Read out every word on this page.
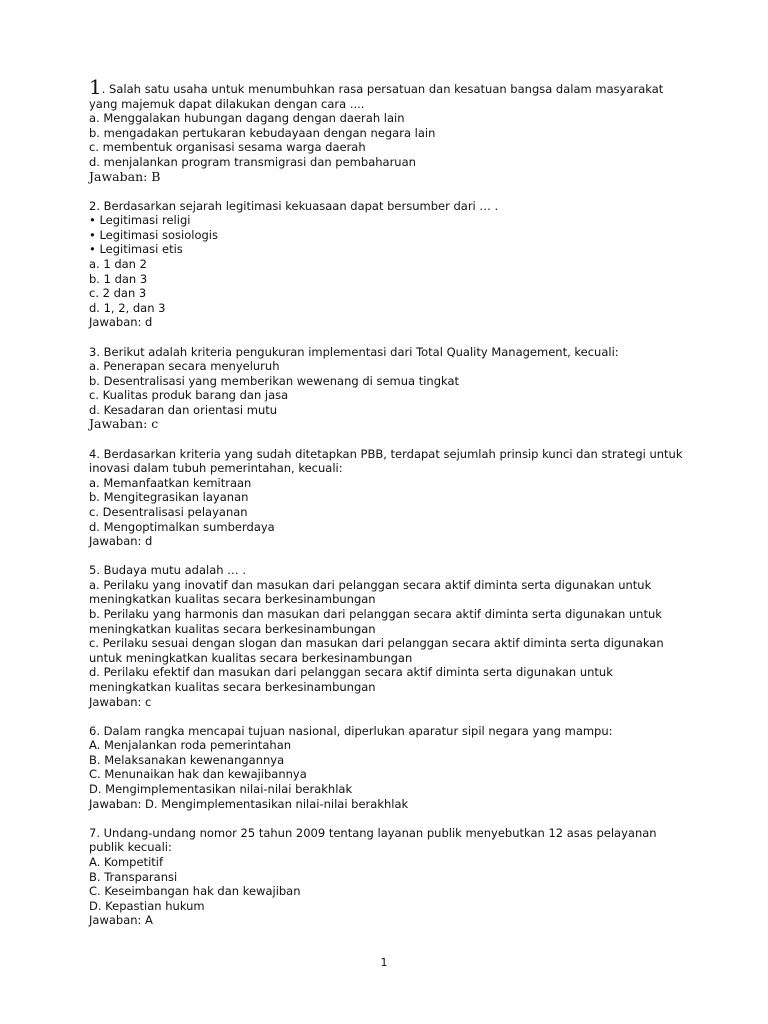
1. Salah satu usaha untuk menumbuhkan rasa persatuan dan kesatuan bangsa dalam masyarakat yang majemuk dapat dilakukan dengan cara ....
a. Menggalakan hubungan dagang dengan daerah lain
b. mengadakan pertukaran kebudayaan dengan negara lain
c. membentuk organisasi sesama warga daerah
d. menjalankan program transmigrasi dan pembaharuan
Jawaban: B
2. Berdasarkan sejarah legitimasi kekuasaan dapat bersumber dari … .
• Legitimasi religi
• Legitimasi sosiologis
• Legitimasi etis
a. 1 dan 2
b. 1 dan 3
c. 2 dan 3
d. 1, 2, dan 3
Jawaban: d
3. Berikut adalah kriteria pengukuran implementasi dari Total Quality Management, kecuali:
a. Penerapan secara menyeluruh
b. Desentralisasi yang memberikan wewenang di semua tingkat
c. Kualitas produk barang dan jasa
d. Kesadaran dan orientasi mutu
Jawaban: c
4. Berdasarkan kriteria yang sudah ditetapkan PBB, terdapat sejumlah prinsip kunci dan strategi untuk inovasi dalam tubuh pemerintahan, kecuali:
a. Memanfaatkan kemitraan
b. Mengitegrasikan layanan
c. Desentralisasi pelayanan
d. Mengoptimalkan sumberdaya
Jawaban: d
5. Budaya mutu adalah … .
a. Perilaku yang inovatif dan masukan dari pelanggan secara aktif diminta serta digunakan untuk meningkatkan kualitas secara berkesinambungan
b. Perilaku yang harmonis dan masukan dari pelanggan secara aktif diminta serta digunakan untuk meningkatkan kualitas secara berkesinambungan
c. Perilaku sesuai dengan slogan dan masukan dari pelanggan secara aktif diminta serta digunakan untuk meningkatkan kualitas secara berkesinambungan
d. Perilaku efektif dan masukan dari pelanggan secara aktif diminta serta digunakan untuk meningkatkan kualitas secara berkesinambungan
Jawaban: c
6. Dalam rangka mencapai tujuan nasional, diperlukan aparatur sipil negara yang mampu:
A. Menjalankan roda pemerintahan
B. Melaksanakan kewenangannya
C. Menunaikan hak dan kewajibannya
D. Mengimplementasikan nilai-nilai berakhlak
Jawaban: D. Mengimplementasikan nilai-nilai berakhlak
7. Undang-undang nomor 25 tahun 2009 tentang layanan publik menyebutkan 12 asas pelayanan publik kecuali:
A. Kompetitif
B. Transparansi
C. Keseimbangan hak dan kewajiban
D. Kepastian hukum
Jawaban: A
1
